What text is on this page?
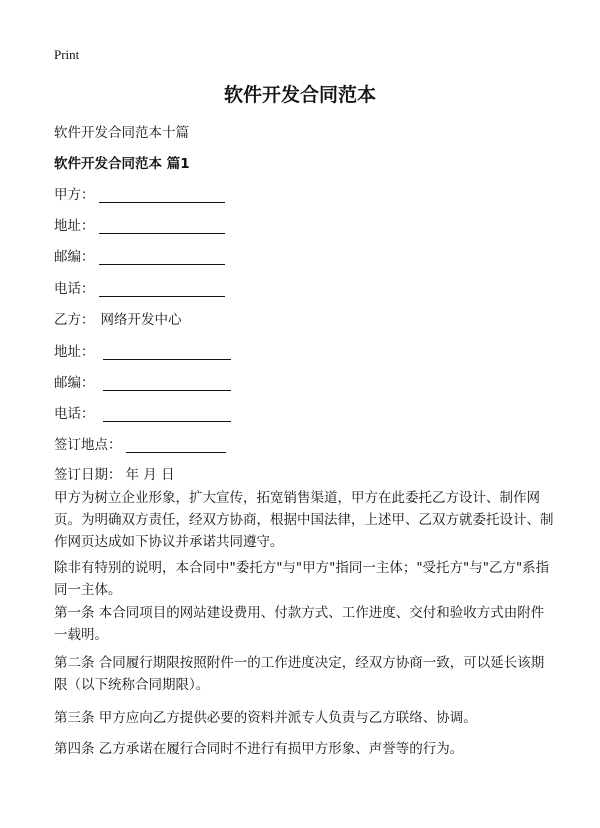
Print
软件开发合同范本
软件开发合同范本十篇
软件开发合同范本 篇1
甲方：
地址：
邮编：
电话：
乙方： 网络开发中心
地址：
邮编：
电话：
签订地点：
签订日期： 年 月 日
甲方为树立企业形象，扩大宣传，拓宽销售渠道，甲方在此委托乙方设计、制作网页。为明确双方责任，经双方协商，根据中国法律，上述甲、乙双方就委托设计、制作网页达成如下协议并承诺共同遵守。
除非有特别的说明，本合同中"委托方"与"甲方"指同一主体；"受托方"与"乙方"系指同一主体。
第一条 本合同项目的网站建设费用、付款方式、工作进度、交付和验收方式由附件一载明。
第二条 合同履行期限按照附件一的工作进度决定，经双方协商一致，可以延长该期限（以下统称合同期限）。
第三条 甲方应向乙方提供必要的资料并派专人负责与乙方联络、协调。
第四条 乙方承诺在履行合同时不进行有损甲方形象、声誉等的行为。
